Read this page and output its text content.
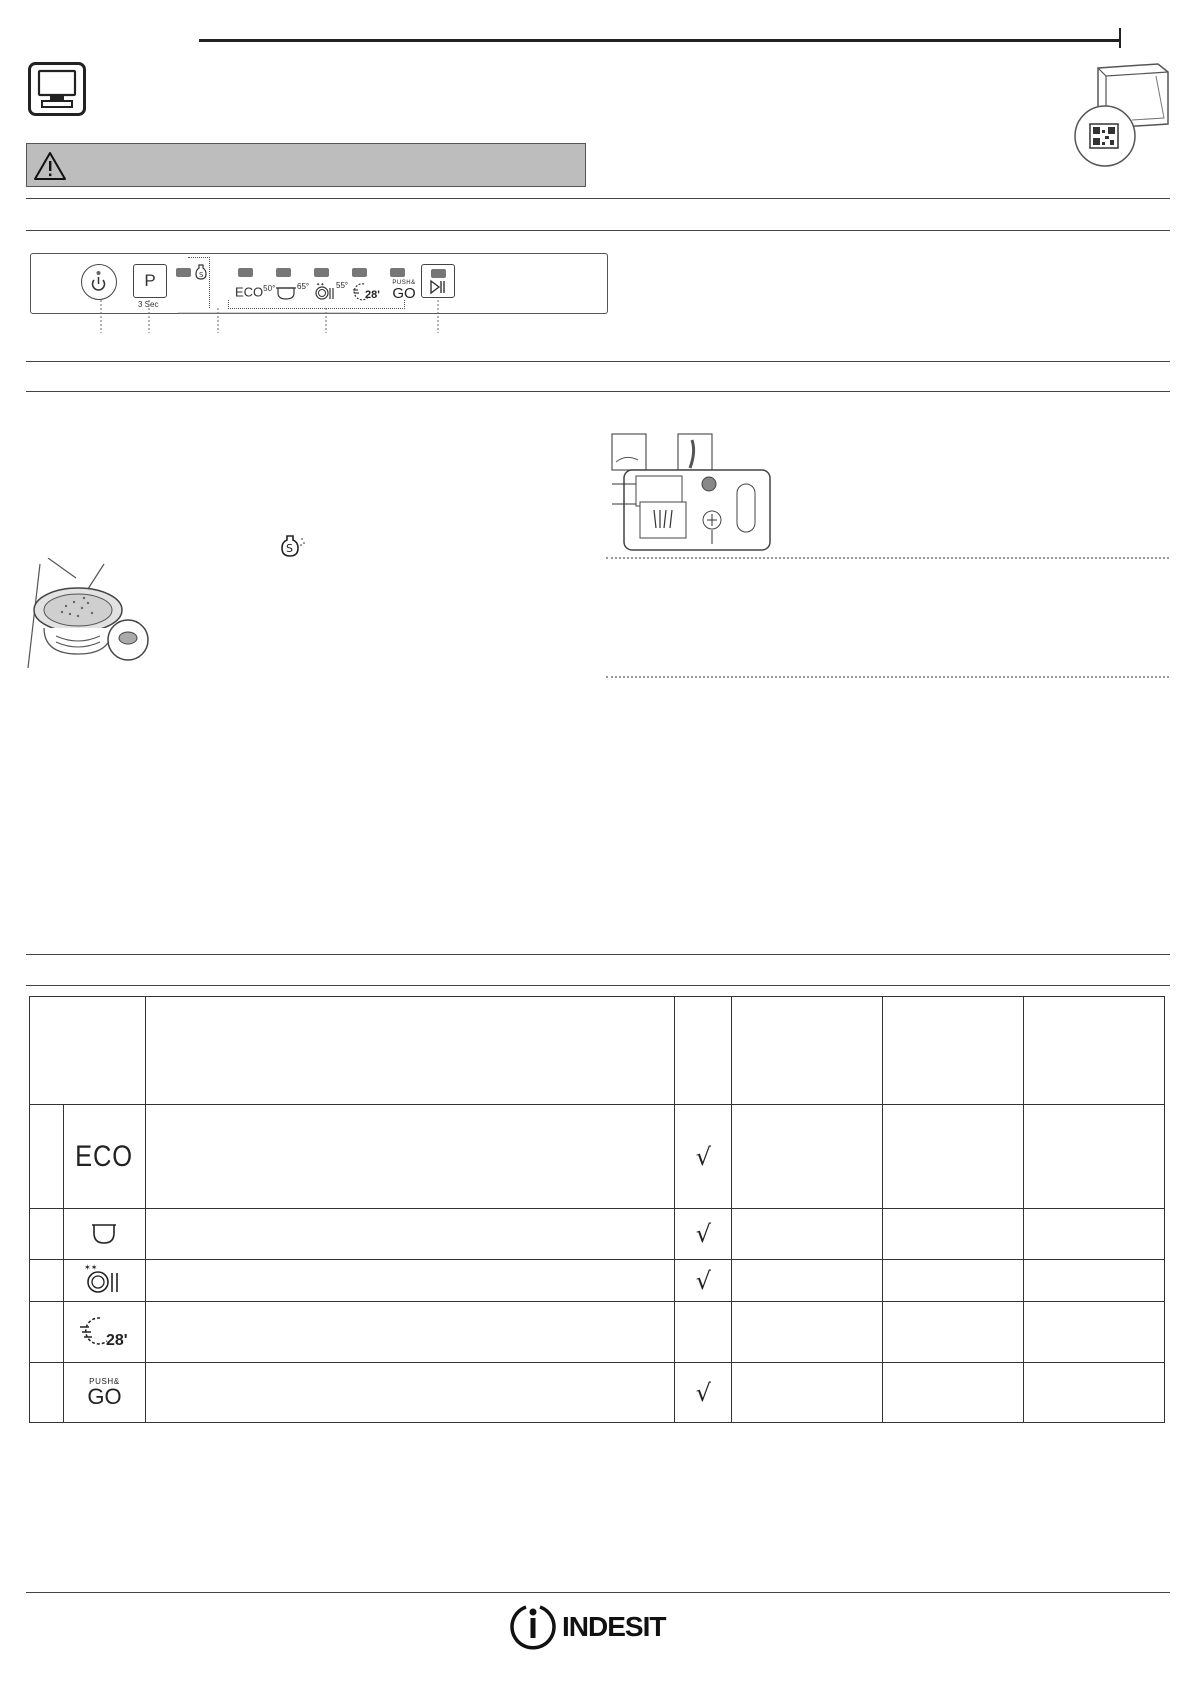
P
3 Sec
S
$ECO^{50^\circ}$	65° ✦✦ 55°
28'
PUSH&
GO
S

	ECO		√			
			√			

✶✶		√			

	28'					

	PUSH&
GO		√			
INDESIT
